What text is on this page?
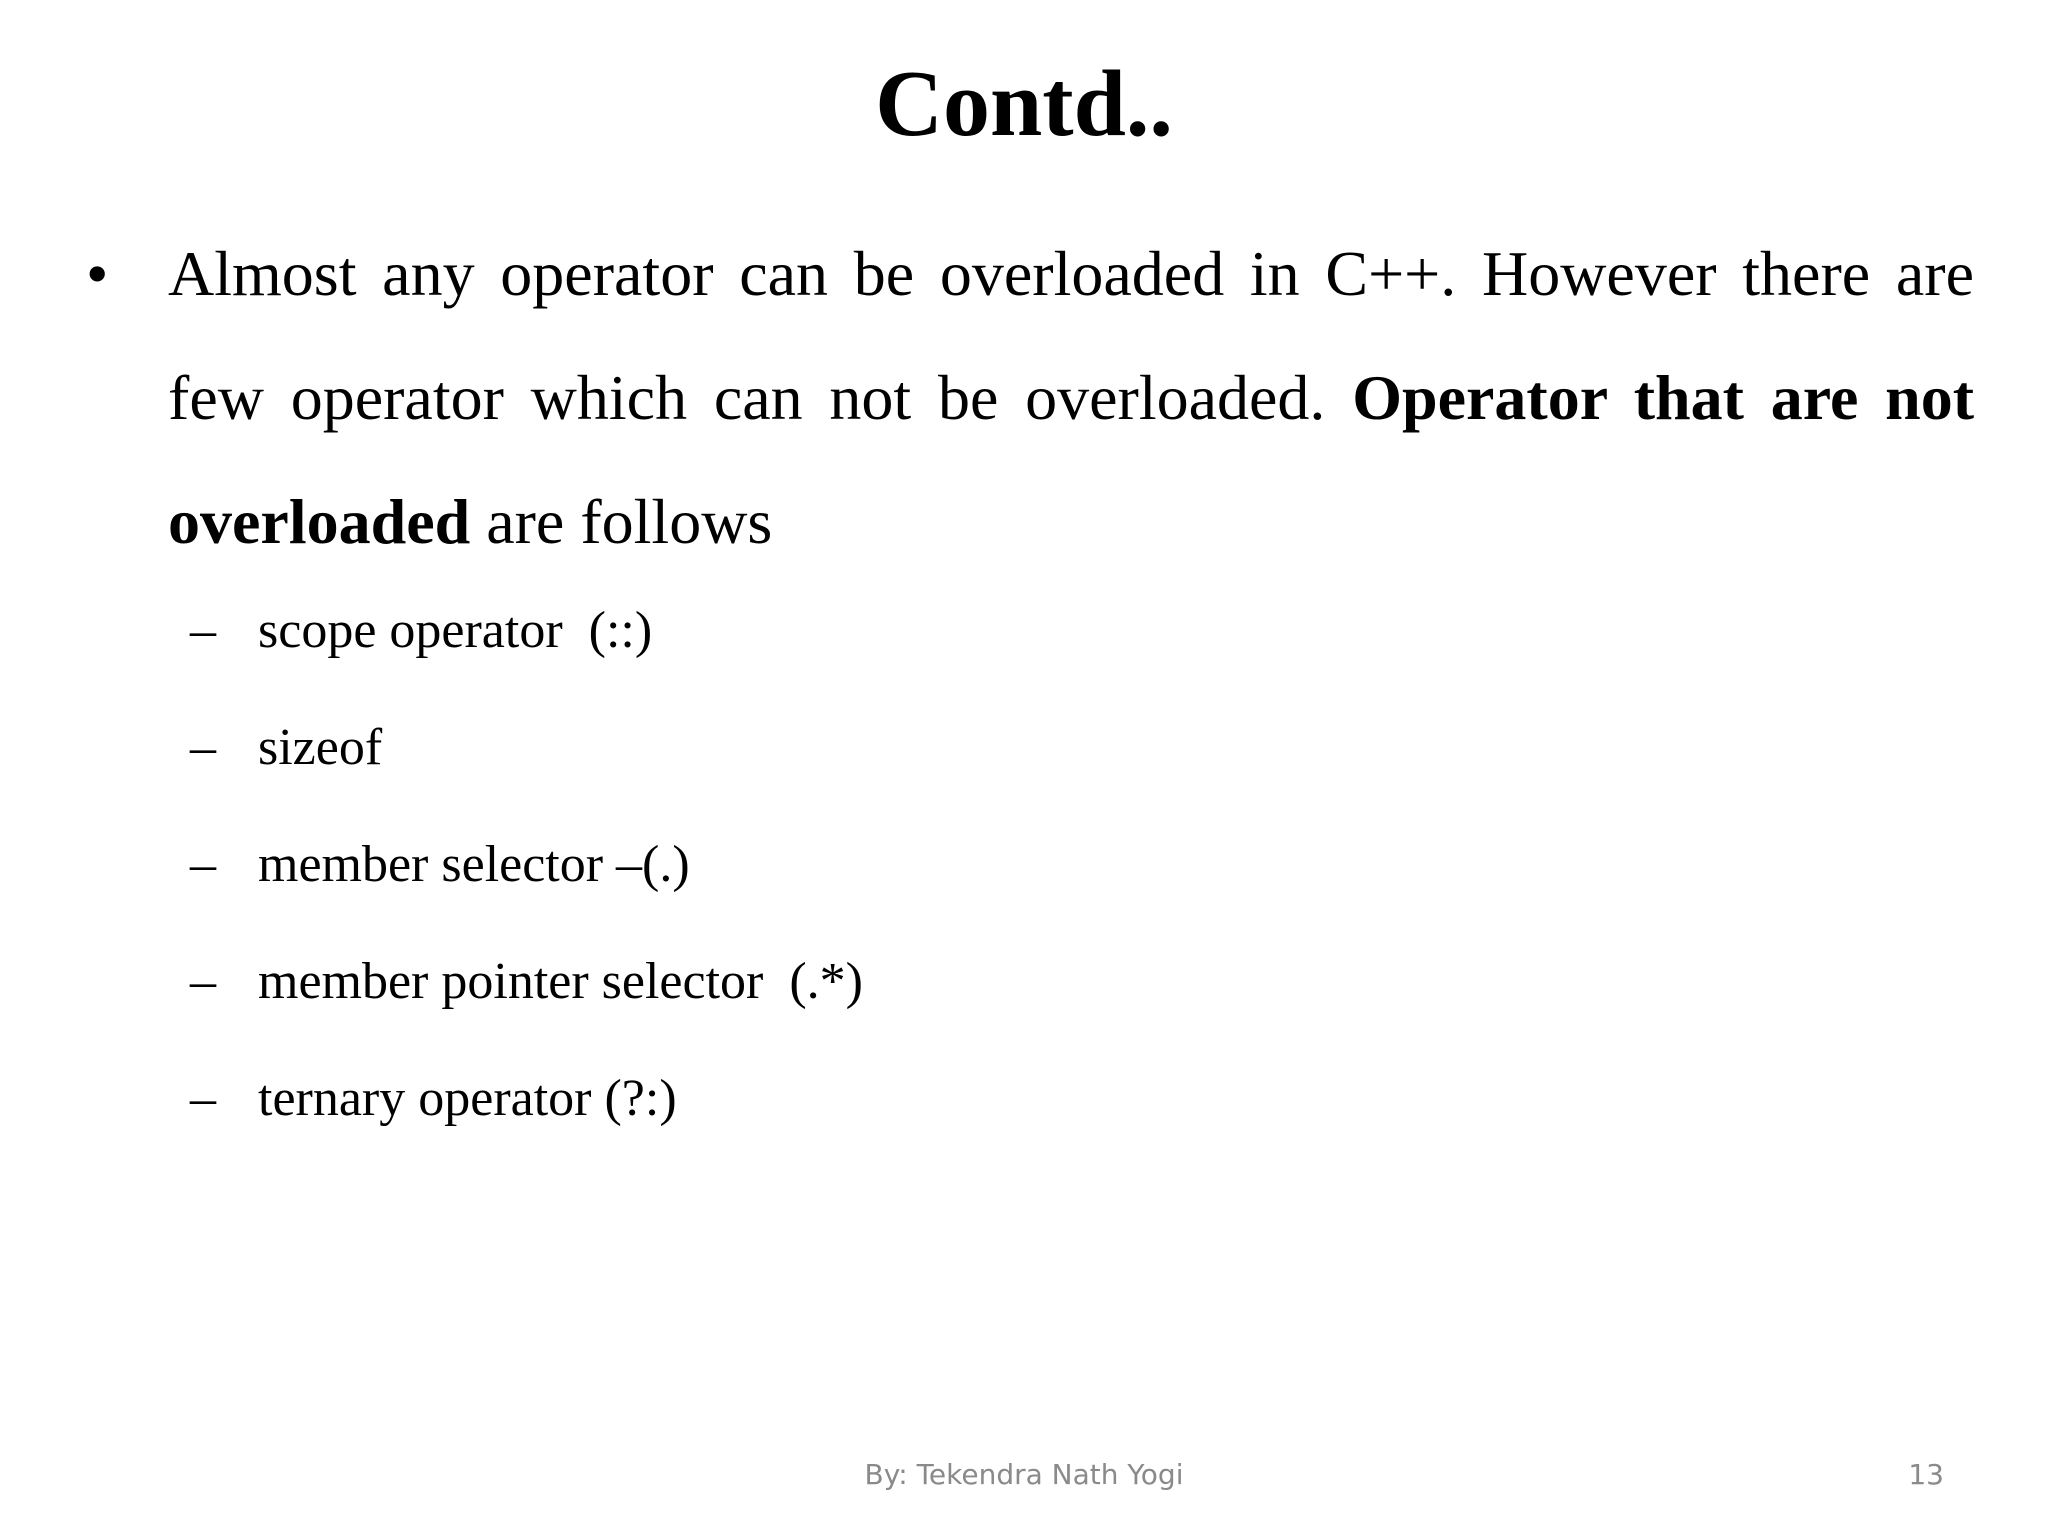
Contd..
• Almost any operator can be overloaded in C++. However there are few operator which can not be overloaded. Operator that are not overloaded are follows
– scope operator  (::)
– sizeof
– member selector –(.)
– member pointer selector  (.*)
– ternary operator (?:)
By: Tekendra Nath Yogi	13
